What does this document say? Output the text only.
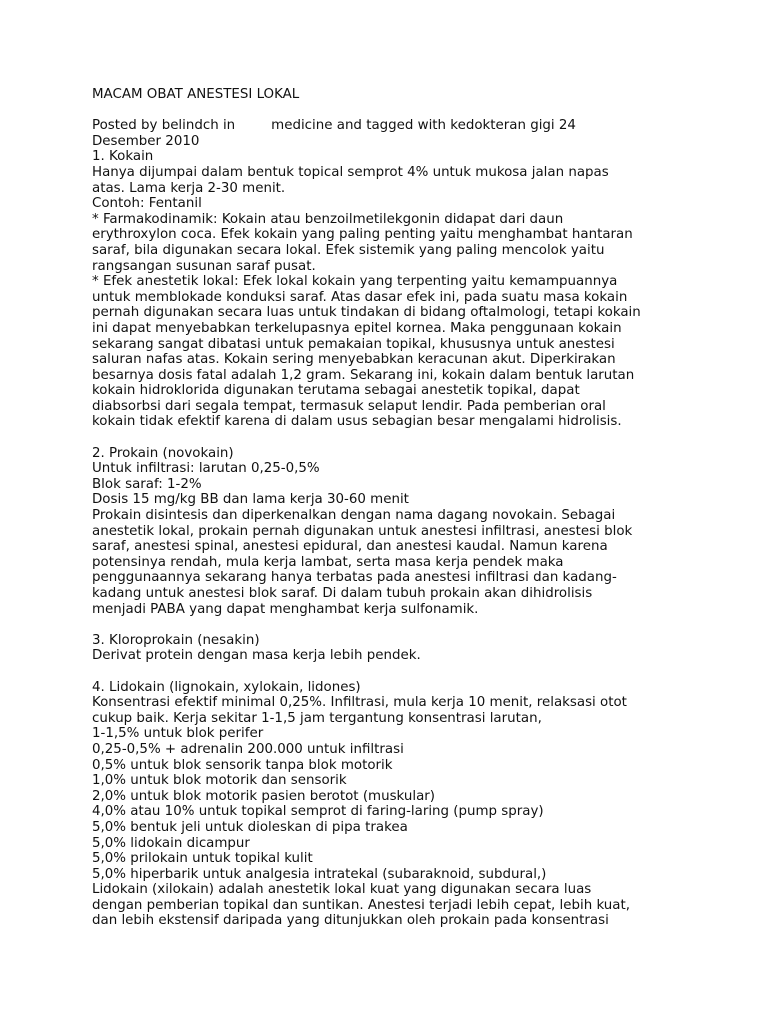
MACAM OBAT ANESTESI LOKAL

Posted by belindch in	medicine and tagged with kedokteran gigi 24

Desember 2010

1. Kokain

Hanya dijumpai dalam bentuk topical semprot 4% untuk mukosa jalan napas

atas. Lama kerja 2-30 menit.

Contoh: Fentanil

* Farmakodinamik: Kokain atau benzoilmetilekgonin didapat dari daun

erythroxylon coca. Efek kokain yang paling penting yaitu menghambat hantaran

saraf, bila digunakan secara lokal. Efek sistemik yang paling mencolok yaitu

rangsangan susunan saraf pusat.

* Efek anestetik lokal: Efek lokal kokain yang terpenting yaitu kemampuannya

untuk memblokade konduksi saraf. Atas dasar efek ini, pada suatu masa kokain

pernah digunakan secara luas untuk tindakan di bidang oftalmologi, tetapi kokain

ini dapat menyebabkan terkelupasnya epitel kornea. Maka penggunaan kokain

sekarang sangat dibatasi untuk pemakaian topikal, khususnya untuk anestesi

saluran nafas atas. Kokain sering menyebabkan keracunan akut. Diperkirakan

besarnya dosis fatal adalah 1,2 gram. Sekarang ini, kokain dalam bentuk larutan

kokain hidroklorida digunakan terutama sebagai anestetik topikal, dapat

diabsorbsi dari segala tempat, termasuk selaput lendir. Pada pemberian oral

kokain tidak efektif karena di dalam usus sebagian besar mengalami hidrolisis.

2. Prokain (novokain)

Untuk infiltrasi: larutan 0,25-0,5%

Blok saraf: 1-2%

Dosis 15 mg/kg BB dan lama kerja 30-60 menit

Prokain disintesis dan diperkenalkan dengan nama dagang novokain. Sebagai

anestetik lokal, prokain pernah digunakan untuk anestesi infiltrasi, anestesi blok

saraf, anestesi spinal, anestesi epidural, dan anestesi kaudal. Namun karena

potensinya rendah, mula kerja lambat, serta masa kerja pendek maka

penggunaannya sekarang hanya terbatas pada anestesi infiltrasi dan kadang-

kadang untuk anestesi blok saraf. Di dalam tubuh prokain akan dihidrolisis

menjadi PABA yang dapat menghambat kerja sulfonamik.

3. Kloroprokain (nesakin)

Derivat protein dengan masa kerja lebih pendek.

4. Lidokain (lignokain, xylokain, lidones)

Konsentrasi efektif minimal 0,25%. Infiltrasi, mula kerja 10 menit, relaksasi otot

cukup baik. Kerja sekitar 1-1,5 jam tergantung konsentrasi larutan,

1-1,5% untuk blok perifer

0,25-0,5% + adrenalin 200.000 untuk infiltrasi

0,5% untuk blok sensorik tanpa blok motorik

1,0% untuk blok motorik dan sensorik

2,0% untuk blok motorik pasien berotot (muskular)

4,0% atau 10% untuk topikal semprot di faring-laring (pump spray)

5,0% bentuk jeli untuk dioleskan di pipa trakea

5,0% lidokain dicampur

5,0% prilokain untuk topikal kulit

5,0% hiperbarik untuk analgesia intratekal (subaraknoid, subdural,)

Lidokain (xilokain) adalah anestetik lokal kuat yang digunakan secara luas

dengan pemberian topikal dan suntikan. Anestesi terjadi lebih cepat, lebih kuat,

dan lebih ekstensif daripada yang ditunjukkan oleh prokain pada konsentrasi
